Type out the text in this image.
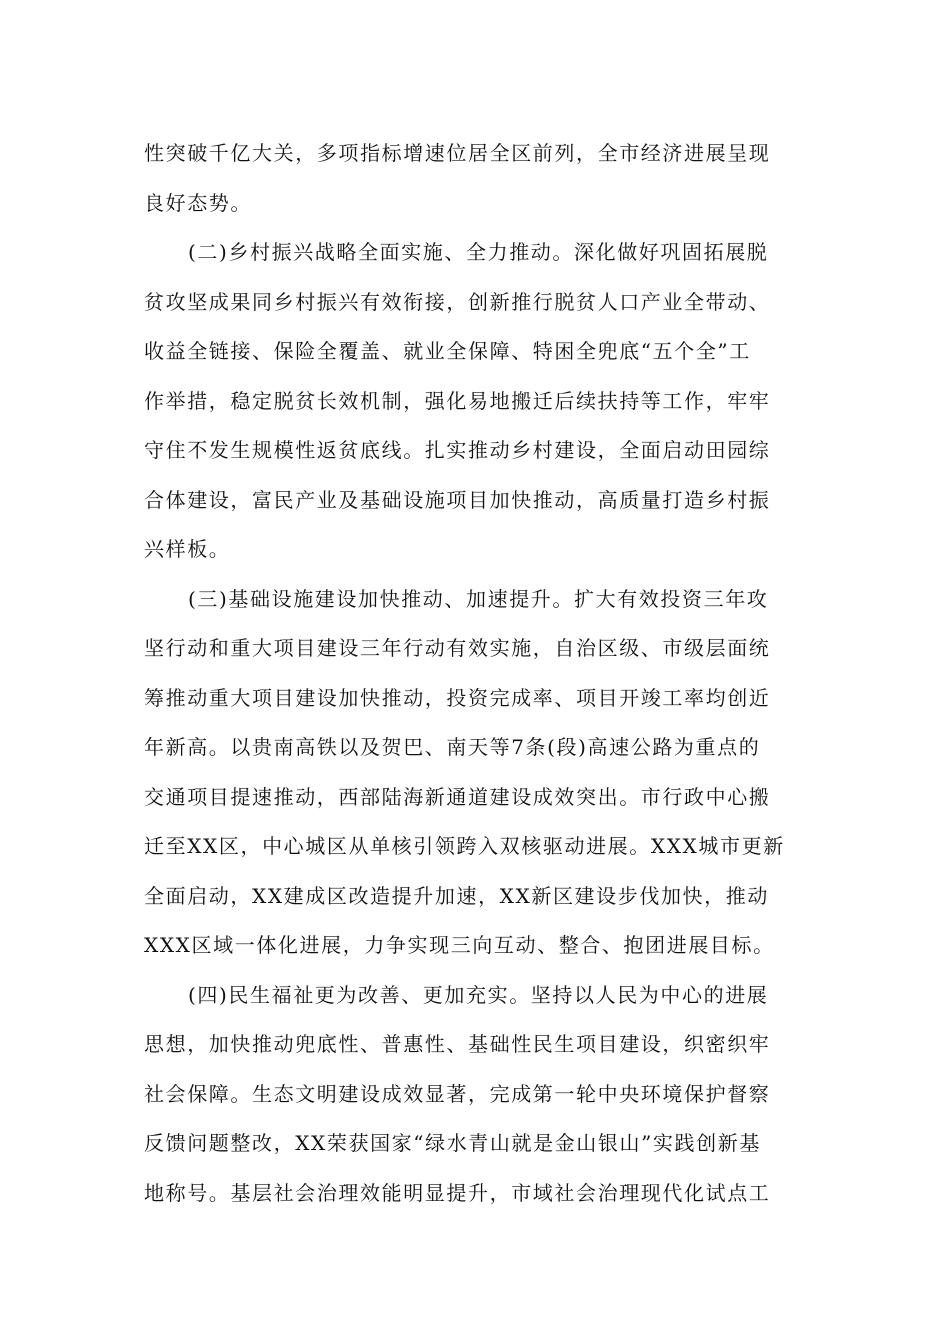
性突破千亿大关，多项指标增速位居全区前列，全市经济进展呈现
良好态势。
(二)乡村振兴战略全面实施、全力推动。深化做好巩固拓展脱
贫攻坚成果同乡村振兴有效衔接，创新推行脱贫人口产业全带动、
收益全链接、保险全覆盖、就业全保障、特困全兜底“五个全”工
作举措，稳定脱贫长效机制，强化易地搬迁后续扶持等工作，牢牢
守住不发生规模性返贫底线。扎实推动乡村建设，全面启动田园综
合体建设，富民产业及基础设施项目加快推动，高质量打造乡村振
兴样板。
(三)基础设施建设加快推动、加速提升。扩大有效投资三年攻
坚行动和重大项目建设三年行动有效实施，自治区级、市级层面统
筹推动重大项目建设加快推动，投资完成率、项目开竣工率均创近
年新高。以贵南高铁以及贺巴、南天等7条(段)高速公路为重点的
交通项目提速推动，西部陆海新通道建设成效突出。市行政中心搬
迁至XX区，中心城区从单核引领跨入双核驱动进展。XXX城市更新
全面启动，XX建成区改造提升加速，XX新区建设步伐加快，推动
XXX区域一体化进展，力争实现三向互动、整合、抱团进展目标。
(四)民生福祉更为改善、更加充实。坚持以人民为中心的进展
思想，加快推动兜底性、普惠性、基础性民生项目建设，织密织牢
社会保障。生态文明建设成效显著，完成第一轮中央环境保护督察
反馈问题整改，XX荣获国家“绿水青山就是金山银山”实践创新基
地称号。基层社会治理效能明显提升，市域社会治理现代化试点工
